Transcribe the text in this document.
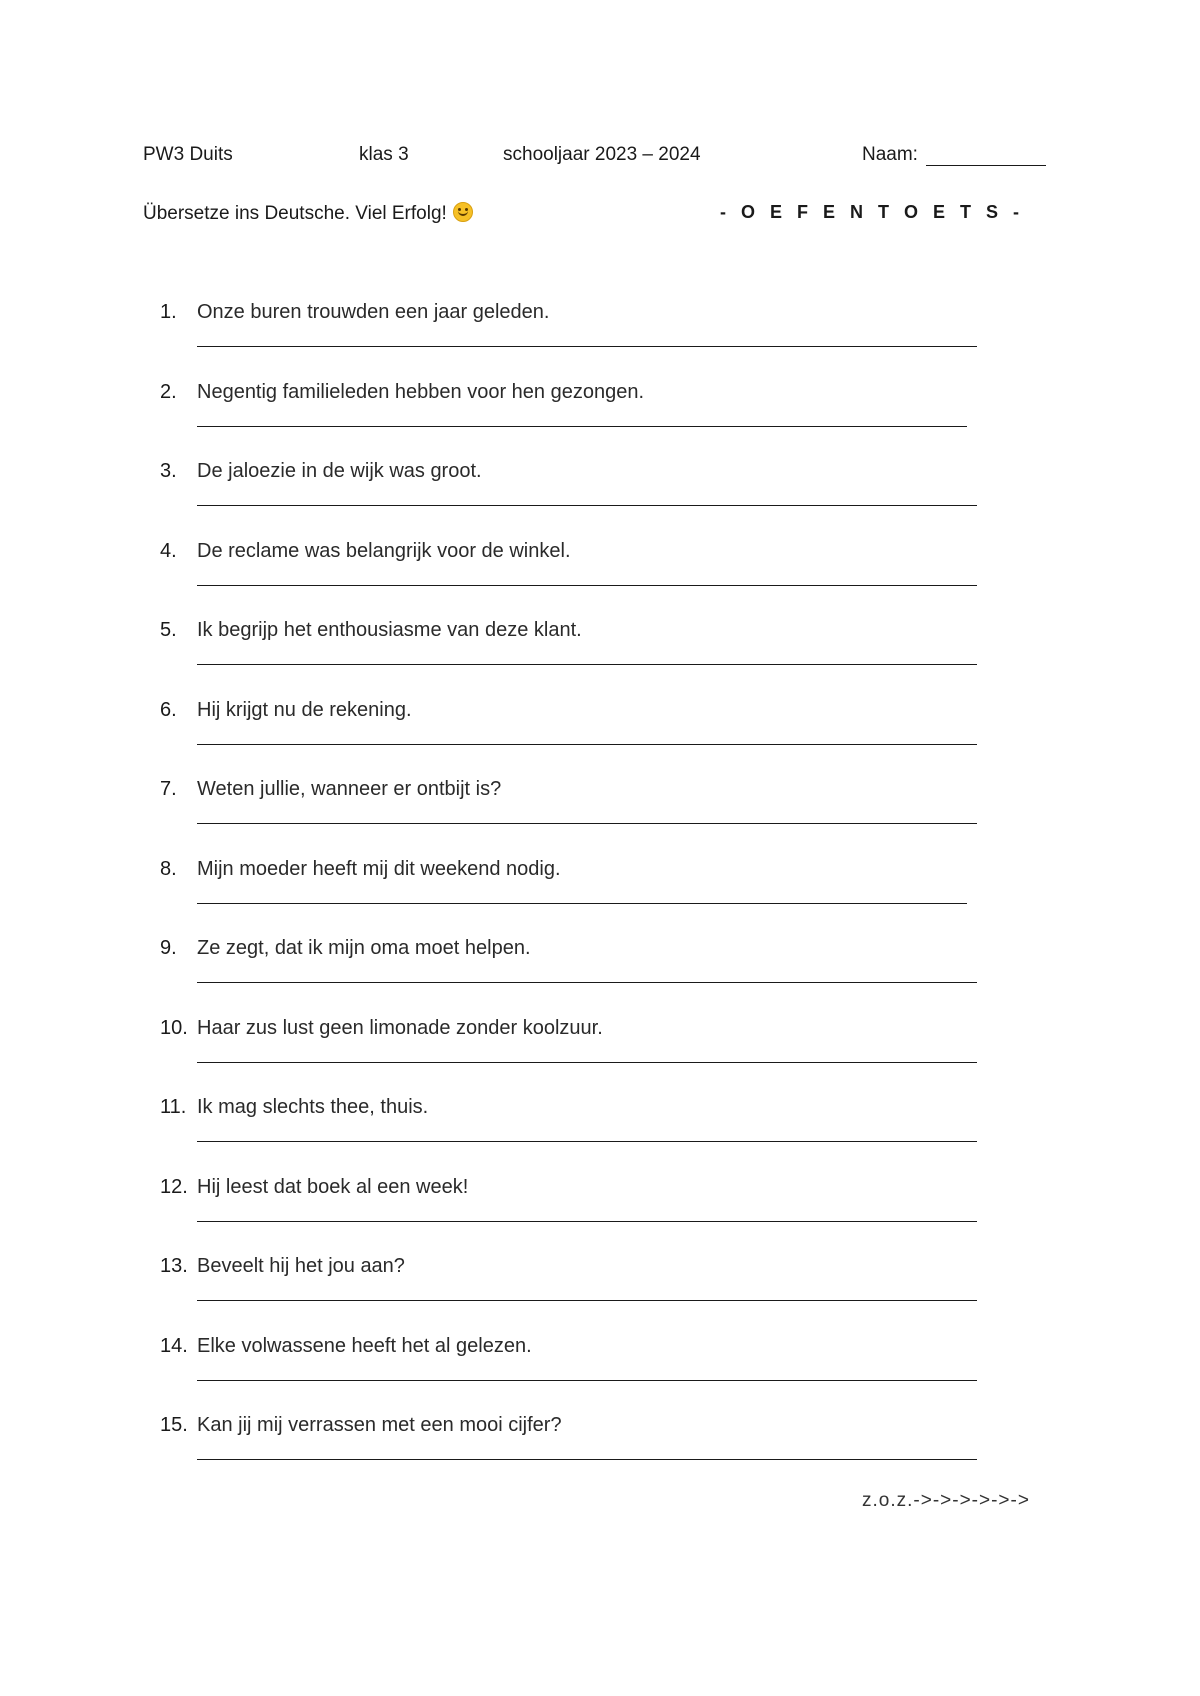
PW3 Duits	klas 3	schooljaar 2023 – 2024	Naam:
Übersetze ins Deutsche. Viel Erfolg!	- O E F E N T O E T S -
1. Onze buren trouwden een jaar geleden.
2. Negentig familieleden hebben voor hen gezongen.
3. De jaloezie in de wijk was groot.
4. De reclame was belangrijk voor de winkel.
5. Ik begrijp het enthousiasme van deze klant.
6. Hij krijgt nu de rekening.
7. Weten jullie, wanneer er ontbijt is?
8. Mijn moeder heeft mij dit weekend nodig.
9. Ze zegt, dat ik mijn oma moet helpen.
10. Haar zus lust geen limonade zonder koolzuur.
11. Ik mag slechts thee, thuis.
12. Hij leest dat boek al een week!
13. Beveelt hij het jou aan?
14. Elke volwassene heeft het al gelezen.
15. Kan jij mij verrassen met een mooi cijfer?
z.o.z.->->->->->->
